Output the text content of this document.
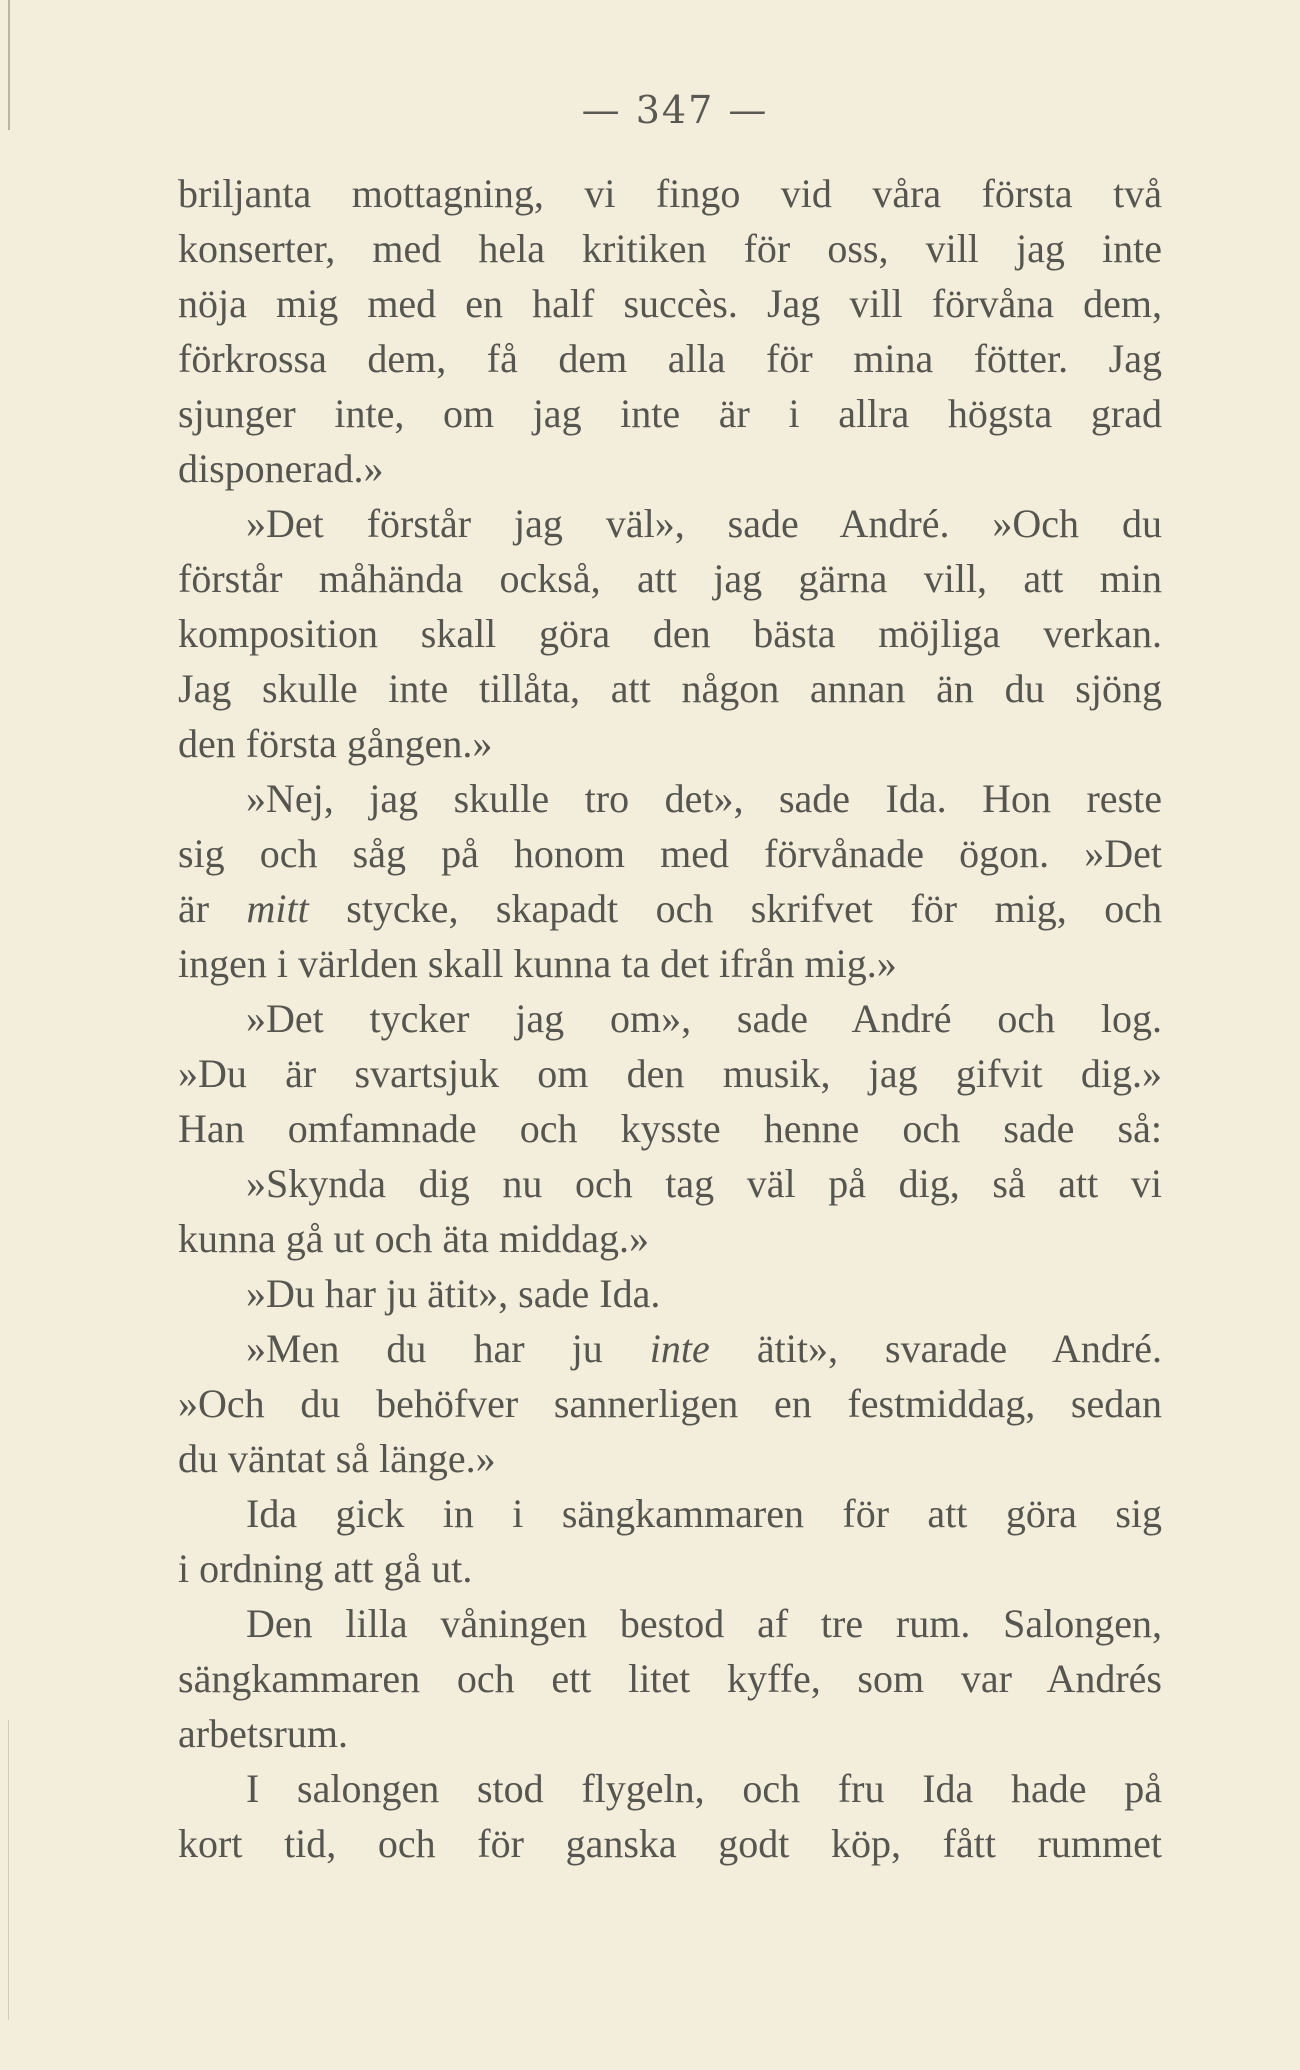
— 347 —
briljanta mottagning, vi fingo vid våra första två
konserter, med hela kritiken för oss, vill jag inte
nöja mig med en half succès. Jag vill förvåna dem,
förkrossa dem, få dem alla för mina fötter. Jag
sjunger inte, om jag inte är i allra högsta grad
disponerad.»
»Det förstår jag väl», sade André. »Och du
förstår måhända också, att jag gärna vill, att min
komposition skall göra den bästa möjliga verkan.
Jag skulle inte tillåta, att någon annan än du sjöng
den första gången.»
»Nej, jag skulle tro det», sade Ida. Hon reste
sig och såg på honom med förvånade ögon. »Det
är mitt stycke, skapadt och skrifvet för mig, och
ingen i världen skall kunna ta det ifrån mig.»
»Det tycker jag om», sade André och log.
»Du är svartsjuk om den musik, jag gifvit dig.»
Han omfamnade och kysste henne och sade så:
»Skynda dig nu och tag väl på dig, så att vi
kunna gå ut och äta middag.»
»Du har ju ätit», sade Ida.
»Men du har ju inte ätit», svarade André.
»Och du behöfver sannerligen en festmiddag, sedan
du väntat så länge.»
Ida gick in i sängkammaren för att göra sig
i ordning att gå ut.
Den lilla våningen bestod af tre rum. Salongen,
sängkammaren och ett litet kyffe, som var Andrés
arbetsrum.
I salongen stod flygeln, och fru Ida hade på
kort tid, och för ganska godt köp, fått rummet
